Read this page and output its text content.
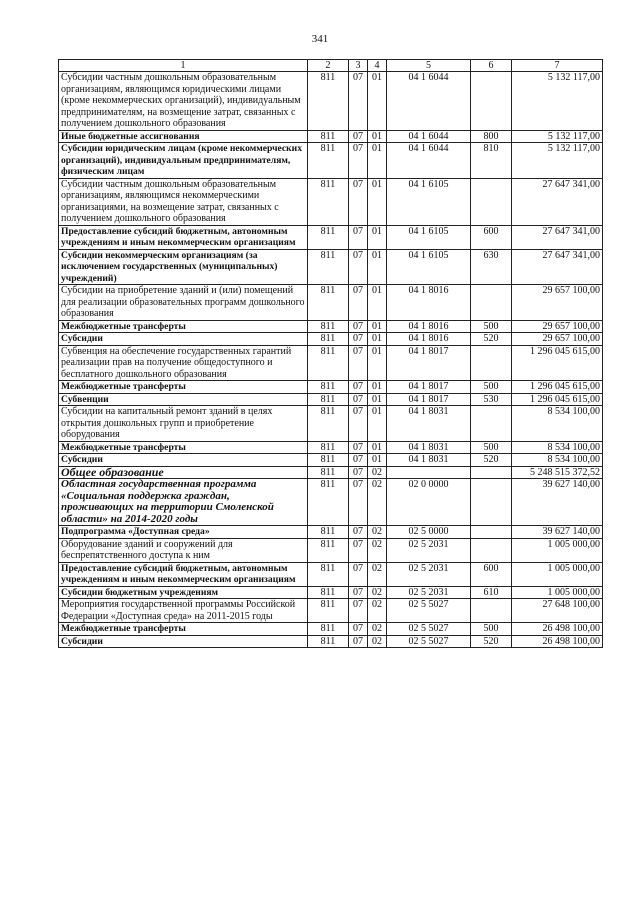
341
1	2	3	4	5	6	7
Субсидии частным дошкольным образовательным организациям, являющимся юридическими лицами (кроме некоммерческих организаций), индивидуальным предпринимателям, на возмещение затрат, связанных с получением дошкольного образования	811	07	01	04 1 6044		5 132 117,00
Иные бюджетные ассигнования	811	07	01	04 1 6044	800	5 132 117,00
Субсидии юридическим лицам (кроме некоммерческих организаций), индивидуальным предпринимателям, физическим лицам	811	07	01	04 1 6044	810	5 132 117,00
Субсидии частным дошкольным образовательным организациям, являющимся некоммерческими организациями, на возмещение затрат, связанных с получением дошкольного образования	811	07	01	04 1 6105		27 647 341,00
Предоставление субсидий бюджетным, автономным учреждениям и иным некоммерческим организациям	811	07	01	04 1 6105	600	27 647 341,00
Субсидии некоммерческим организациям (за исключением государственных (муниципальных) учреждений)	811	07	01	04 1 6105	630	27 647 341,00
Субсидии на приобретение зданий и (или) помещений для реализации образовательных программ дошкольного образования	811	07	01	04 1 8016		29 657 100,00
Межбюджетные трансферты	811	07	01	04 1 8016	500	29 657 100,00
Субсидии	811	07	01	04 1 8016	520	29 657 100,00
Субвенция на обеспечение государственных гарантий реализации прав на получение общедоступного и бесплатного дошкольного образования	811	07	01	04 1 8017		1 296 045 615,00
Межбюджетные трансферты	811	07	01	04 1 8017	500	1 296 045 615,00
Субвенции	811	07	01	04 1 8017	530	1 296 045 615,00
Субсидии на капитальный ремонт зданий в целях открытия дошкольных групп и приобретение оборудования	811	07	01	04 1 8031		8 534 100,00
Межбюджетные трансферты	811	07	01	04 1 8031	500	8 534 100,00
Субсидии	811	07	01	04 1 8031	520	8 534 100,00
Общее образование	811	07	02			5 248 515 372,52
Областная государственная программа «Социальная поддержка граждан, проживающих на территории Смоленской области» на 2014-2020 годы	811	07	02	02 0 0000		39 627 140,00
Подпрограмма «Доступная среда»	811	07	02	02 5 0000		39 627 140,00
Оборудование зданий и сооружений для беспрепятственного доступа к ним	811	07	02	02 5 2031		1 005 000,00
Предоставление субсидий бюджетным, автономным учреждениям и иным некоммерческим организациям	811	07	02	02 5 2031	600	1 005 000,00
Субсидии бюджетным учреждениям	811	07	02	02 5 2031	610	1 005 000,00
Мероприятия государственной программы Российской Федерации «Доступная среда» на 2011-2015 годы	811	07	02	02 5 5027		27 648 100,00
Межбюджетные трансферты	811	07	02	02 5 5027	500	26 498 100,00
Субсидии	811	07	02	02 5 5027	520	26 498 100,00
